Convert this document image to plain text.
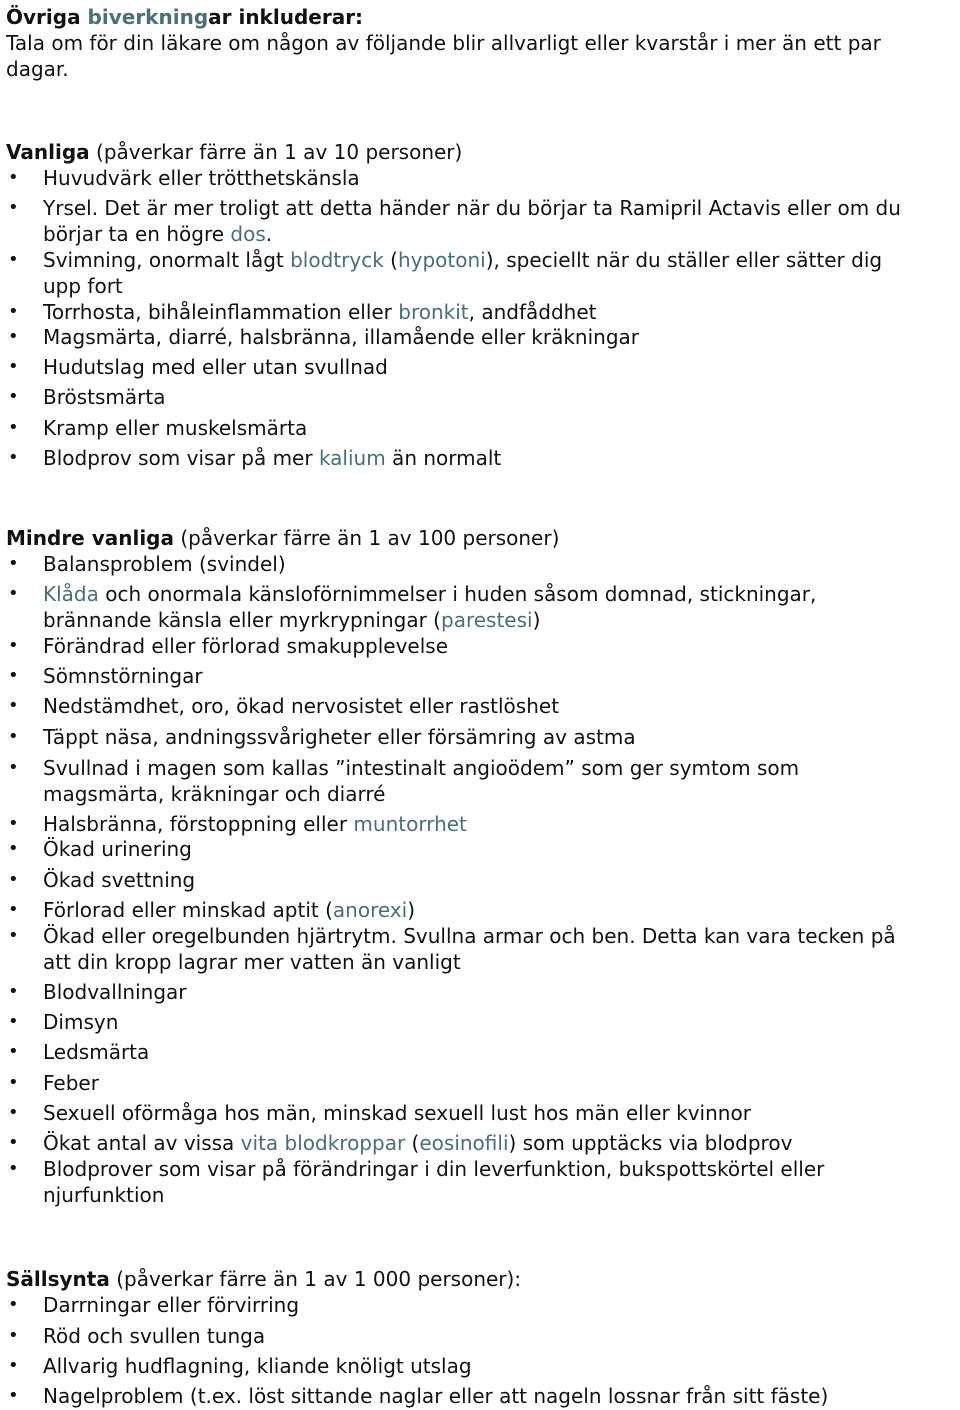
Övriga biverkningar inkluderar:
Tala om för din läkare om någon av följande blir allvarligt eller kvarstår i mer än ett par
dagar.
Vanliga (påverkar färre än 1 av 10 personer)
• Huvudvärk eller trötthetskänsla
• Yrsel. Det är mer troligt att detta händer när du börjar ta Ramipril Actavis eller om du
börjar ta en högre dos.
• Svimning, onormalt lågt blodtryck (hypotoni), speciellt när du ställer eller sätter dig
upp fort
• Torrhosta, bihåleinflammation eller bronkit, andfåddhet
• Magsmärta, diarré, halsbränna, illamående eller kräkningar
• Hudutslag med eller utan svullnad
• Bröstsmärta
• Kramp eller muskelsmärta
• Blodprov som visar på mer kalium än normalt
Mindre vanliga (påverkar färre än 1 av 100 personer)
• Balansproblem (svindel)
• Klåda och onormala känsloförnimmelser i huden såsom domnad, stickningar,
brännande känsla eller myrkrypningar (parestesi)
• Förändrad eller förlorad smakupplevelse
• Sömnstörningar
• Nedstämdhet, oro, ökad nervosistet eller rastlöshet
• Täppt näsa, andningssvårigheter eller försämring av astma
• Svullnad i magen som kallas ”intestinalt angioödem” som ger symtom som
magsmärta, kräkningar och diarré
• Halsbränna, förstoppning eller muntorrhet
• Ökad urinering
• Ökad svettning
• Förlorad eller minskad aptit (anorexi)
• Ökad eller oregelbunden hjärtrytm. Svullna armar och ben. Detta kan vara tecken på
att din kropp lagrar mer vatten än vanligt
• Blodvallningar
• Dimsyn
• Ledsmärta
• Feber
• Sexuell oförmåga hos män, minskad sexuell lust hos män eller kvinnor
• Ökat antal av vissa vita blodkroppar (eosinofili) som upptäcks via blodprov
• Blodprover som visar på förändringar i din leverfunktion, bukspottskörtel eller
njurfunktion
Sällsynta (påverkar färre än 1 av 1 000 personer):
• Darrningar eller förvirring
• Röd och svullen tunga
• Allvarig hudflagning, kliande knöligt utslag
• Nagelproblem (t.ex. löst sittande naglar eller att nageln lossnar från sitt fäste)
